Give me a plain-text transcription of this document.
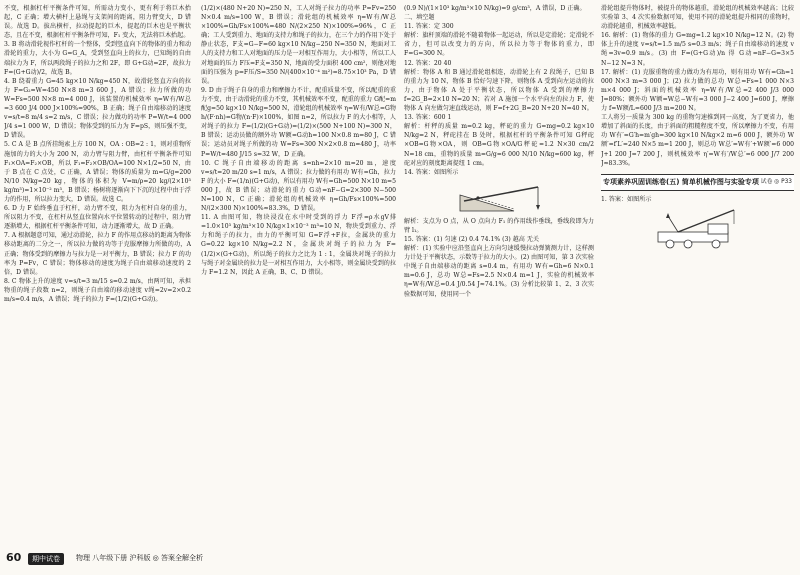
不变，根据杠杆平衡条件可知，所需动力变小，更有利于将巨木抬起，C 正确；增大横杆上悬绳与支架间的距离，阻力臂变大，D 错误。故选 D。拔出横杆，拉动提起的巨木，提起的巨木也是平衡状态，且在不变，根据杠杆平衡条件可知，F₁ 变大，无法将巨木抬起。

3. B 将动滑轮视作杠杆的一个整体，受到竖直向下的物体的重力和动滑轮的重力，大小为 G=G_A，受到竖直向上的拉力，已知绳的自由端拉力为 F，所以两段绳子的拉力之和 2F，即 G+G动=2F，故拉力 F=(G+G动)/2，故选 B。

4. B 绕着重力 G=45 kg×10 N/kg=450 N，故滑轮竖直方向的拉力 F=G₂=W=450 N×8 m=3 600 J，A 错误；拉力所做的功 W=Fs=500 N×8 m=4 000 J，该装置的机械效率 η=W有/W总=3 600 J/4 000 J×100%=90%，B 正确；绳子自由端移动的速度 v=s/t=8 m/4 s=2 m/s，C 错误；拉力做功的功率 P=W/t=4 000 J/4 s=1 000 W，D 错误；物体受到的压力为 F=pS，则压强不变，D 错误。

5. C A 是 B 点所挂绳索上方 100 N，OA : OB=2 : 1，则对重物所施加的力的大小为 200 N，动力臂与阻力臂，由杠杆平衡条件可知 F₁×OA=F₂×OB，所以 F₁=F₂×OB/OA=100 N×1/2=50 N，由于 B 点在 C 点处，C 正确，A 错误；物体的质量为 m=G/g=200 N/10 N/kg=20 kg，物体的体积为 V=m/ρ=20 kg/(2×10³ kg/m³)=1×10⁻² m³，B 错误；杨树将逐渐向下下沉的过程中由于浮力的作用，所以拉力变大，D 错误。故选 C。

6. D 力 F 始终垂直于杠杆，动力臂不变，阻力为杠杆自身的重力，所以阻力不变，在杠杆从竖直位置向水平位置转动的过程中，阻力臂逐渐增大，根据杠杆平衡条件可知，动力逐渐增大，故 D 正确。

7. A 根据题意可知，通过动滑轮，拉力 F 的作用点移动的距离为物体移动距离的二分之一，所以拉力做的功等于克服摩擦力所做的功，A 正确；物体受到的摩擦力与拉力是一对平衡力，B 错误；拉力 F 的功率为 P=Fv，C 错误；物体移动的速度为绳子自由端移动速度的 2 倍，D 错误。

8. C 物体上升的速度 v=s/t=3 m/15 s=0.2 m/s，由两可知，承担物重的绳子段数 n=2，则绳子自由端的移动速度 v绳=2v=2×0.2 m/s=0.4 m/s，A 错误；绳子的拉力 F=(1/2)(G+G动)。

(1/2)×(480 N+20 N)=250 N，工人对绳子拉力的功率 P=Fv=250 N×0.4 m/s=100 W，B 错误；滑轮组的机械效率 η=W有/W总×100%=Gh/Fs×100%=480 N/(2×250 N)×100%=96%，C 正确；工人受到重力、地面的支持力和绳子的拉力，在三个力的作用下处于静止状态，F支=G−F=60 kg×10 N/kg−250 N=350 N，地面对工人的支持力和工人对地面的压力是一对相互作用力，大小相等，所以工人对地面的压力 F压=F支=350 N，地面的受力面积 400 cm²，则他对地面的压强为 p=F压/S=350 N/(400×10⁻⁴ m²)=8.75×10³ Pa，D 错误。

9. D 由于绳子自身的重力和摩擦力不计，配重质量不变，所以配重的重力不变，由于动滑轮的重力不变，其机械效率不变，配重的重力 G配=m配g=50 kg×10 N/kg=500 N，滑轮组的机械效率 η=W有/W总=G物h/(F·nh)=G物/(n·F)×100%，如图 n=2，所以拉力 F 的大小相等，人对绳子的拉力 F=(1/2)(G+G动)=(1/2)×(500 N+100 N)=300 N，B 错误；运动员做的额外功 W额=G动h=100 N×0.8 m=80 J，C 错误；运动员对绳子所做的功 W=Fs=300 N×2×0.8 m=480 J，功率 P=W/t=480 J/15 s=32 W，D 正确。

10. C 绳子自由端移动的距离 s=nh=2×10 m=20 m，速度 v=s/t=20 m/20 s=1 m/s，A 错误；拉力做的有用功 W有=Gh，拉力 F 的大小 F=(1/n)(G+G动)，所以有用功 W有=Gh=500 N×10 m=5 000 J，故 B 错误；动滑轮的重力 G动=nF−G=2×300 N−500 N=100 N，C 正确；滑轮组的机械效率 η=Gh/Fs×100%=500 N/(2×300 N)×100%≈83.3%，D 错误。

11. A 由图可知，物块浸没在水中时受到的浮力 F浮=ρ水gV排=1.0×10³ kg/m³×10 N/kg×1×10⁻³ m³=10 N，物块受到重力、浮力和绳子的拉力，由力的平衡可知 G=F浮+F拉，金属块的重力 G=0.22 kg×10 N/kg=2.2 N，金属块对绳子的拉力为 F=(1/2)×(G+G动)，所以绳子的拉力之比为 1 : 1，金属块对绳子的拉力与绳子对金属块的拉力是一对相互作用力，大小相等，则金属块受到的拉力 F=1.2 N，因此 A 正确，B、C、D 错误。

(0.9 N)/(1×10³ kg/m³×10 N/kg)=9 g/cm³，A 错误，D 正确。

二、填空题

11. 答案：定 300

解析：旗杆顶端的滑轮不随着物体一起运动，所以是定滑轮；定滑轮不省力，但可以改变力的方向，所以拉力等于物体的重力，即 F=G=300 N。

12. 答案：20 40

解析：物体 A 和 B 通过滑轮组相连，动滑轮上有 2 段绳子，已知 B 的重力为 10 N，物体 B 恰好匀速下降，则物体 A 受到向左运动的拉力，由于物体 A 处于平衡状态，所以物体 A 受到的摩擦力 f=2G_B=2×10 N=20 N；若对 A 施加一个水平向左的拉力 F，使物体 A 向左做匀速直线运动，则 F=f+2G_B=20 N+20 N=40 N。

13. 答案：600 1

解析：杆秤的质量 m=0.2 kg，秤砣的重力 G=mg=0.2 kg×10 N/kg=2 N，秤砣挂在 B 处时，根据杠杆的平衡条件可知 G秤砣×OB=G物×OA，则 OB=G物×OA/G秤砣=1.2 N×30 cm/2 N=18 cm，重物的质量 m=G/g=6 000 N/10 N/kg=600 kg，秤砣对应的刻度距离提纽 1 cm。

14. 答案：如图所示

解析：支点为 O 点，从 O 点向力 F₁ 的作用线作垂线，垂线段即为力臂 l₁。

15. 答案：(1) 匀速 (2) 0.4 74.1% (3) 越高 无关

解析：(1) 实验中应沿竖直向上方向匀速缓慢拉动弹簧测力计，这样测力计处于平衡状态，示数等于拉力的大小。(2) 由图可知，第 3 次实验中绳子自由端移动的距离 s=0.4 m，有用功 W有=Gh=6 N×0.1 m=0.6 J，总功 W总=Fs=2.5 N×0.4 m=1 J，实验的机械效率 η=W有/W总=0.4 J/0.54 J≈74.1%。(3) 分析比较第 1、2、3 次实验数据可知，使用同一个

滑轮组提升物体时，被提升的物体越重，滑轮组的机械效率越高；比较实验第 3、4 次实验数据可知，使用不同的滑轮组提升相同的重物时，动滑轮越重，机械效率越低。

16. 解析：(1) 物体的重力 G=mg=1.2 kg×10 N/kg=12 N。(2) 物体上升的速度 v=s/t=1.5 m/5 s=0.3 m/s；绳子自由端移动的速度 v绳=3v=0.9 m/s。(3) 由 F=(G+G动)/n 得 G动=nF−G=3×5 N−12 N=3 N。

17. 解析：(1) 克服重物的重力做功为有用功，则有用功 W有=Gh=1 000 N×3 m=3 000 J；(2) 拉力做的总功 W总=Fs=1 000 N×3 m×4 000 J；斜面的机械效率 η=W有/W总=2 400 J/3 000 J=80%；额外功 W额=W总−W有=3 000 J−2 400 J=600 J，摩擦力 f=W额/L=600 J/3 m=200 N。

工人将另一质量为 300 kg 的重物匀速推到同一高度，为了更省力，他增加了斜面的长度，由于斜面的粗糙程度不变，所以摩擦力不变，有用功 W有′=G′h=m′gh=300 kg×10 N/kg×2 m=6 000 J，额外功 W额′=f′L′=240 N×5 m=1 200 J，则总功 W总′=W有′+W额′=6 000 J+1 200 J=7 200 J，则机械效率 η′=W有′/W总′=6 000 J/7 200 J≈83.3%。

试卷 ◎ P33
专项素养巩固训练卷(五) 简单机械作图与实验专项

1. 答案：如图所示

60	期中试卷	物理 八年级下册 沪科版 ◎ 答案全解全析
